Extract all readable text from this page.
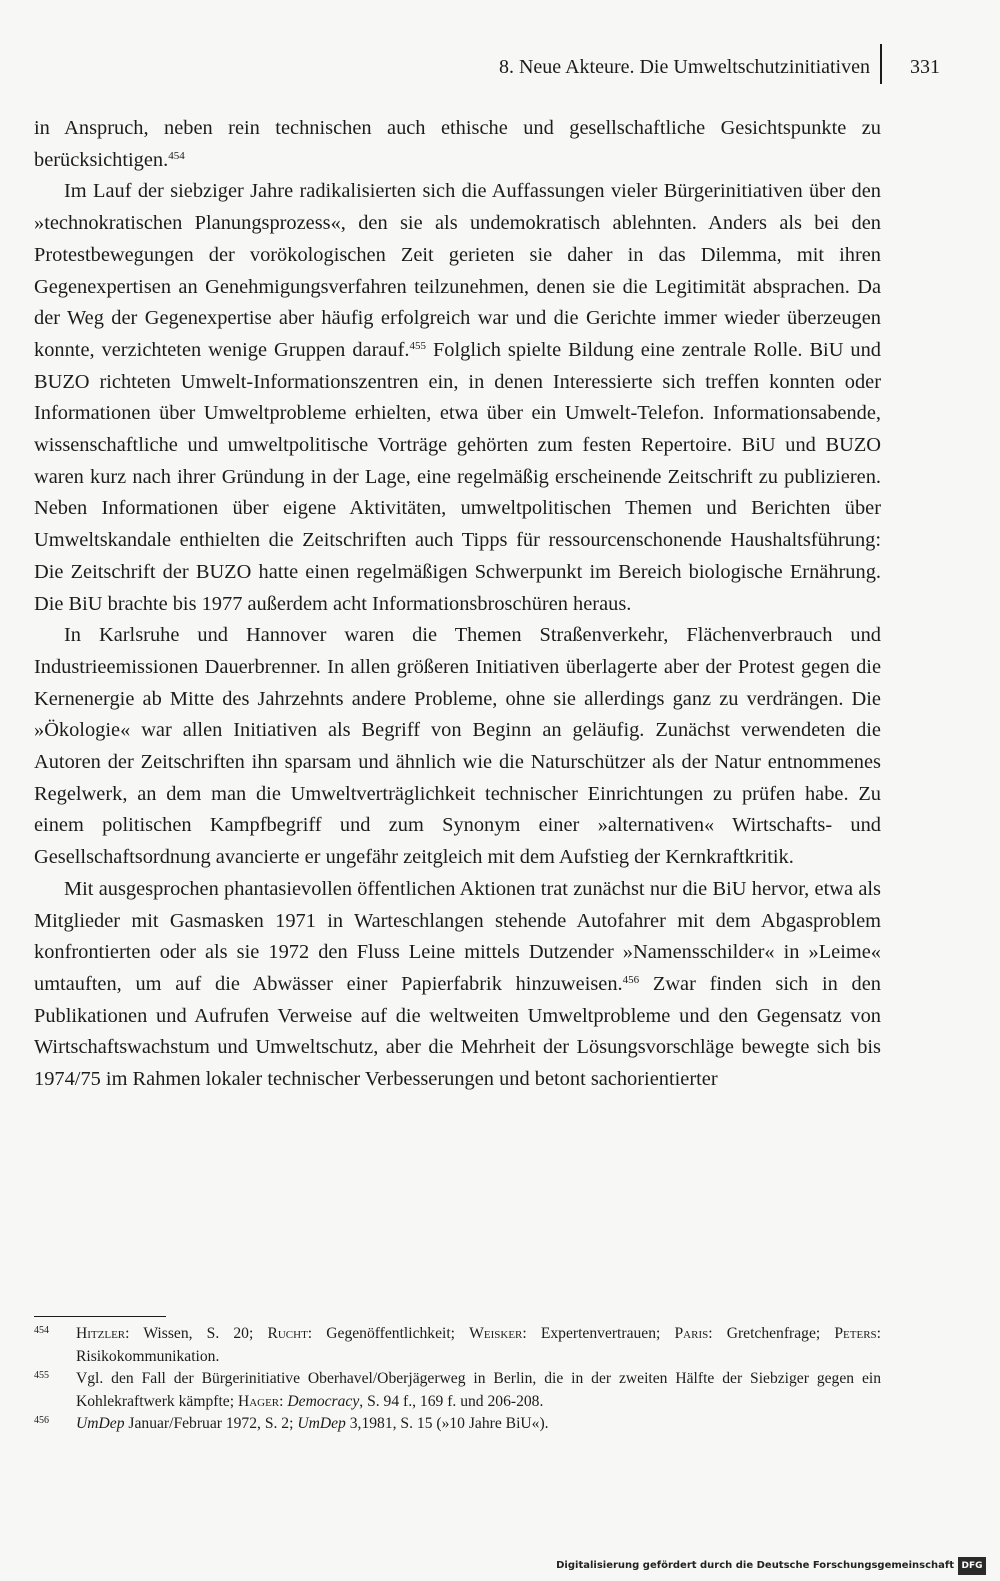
8. Neue Akteure. Die Umweltschutzinitiativen 331

in Anspruch, neben rein technischen auch ethische und gesellschaftliche Gesichtspunkte zu berücksichtigen.$^{454}$

Im Lauf der siebziger Jahre radikalisierten sich die Auffassungen vieler Bürgerinitiativen über den »technokratischen Planungsprozess«, den sie als undemokratisch ablehnten. Anders als bei den Protestbewegungen der vorökologischen Zeit gerieten sie daher in das Dilemma, mit ihren Gegenexpertisen an Genehmigungsverfahren teilzunehmen, denen sie die Legitimität absprachen. Da der Weg der Gegenexpertise aber häufig erfolgreich war und die Gerichte immer wieder überzeugen konnte, verzichteten wenige Gruppen darauf.$^{455}$ Folglich spielte Bildung eine zentrale Rolle. BiU und BUZO richteten Umwelt-Informationszentren ein, in denen Interessierte sich treffen konnten oder Informationen über Umweltprobleme erhielten, etwa über ein Umwelt-Telefon. Informationsabende, wissenschaftliche und umweltpolitische Vorträge gehörten zum festen Repertoire. BiU und BUZO waren kurz nach ihrer Gründung in der Lage, eine regelmäßig erscheinende Zeitschrift zu publizieren. Neben Informationen über eigene Aktivitäten, umweltpolitischen Themen und Berichten über Umweltskandale enthielten die Zeitschriften auch Tipps für ressourcenschonende Haushaltsführung: Die Zeitschrift der BUZO hatte einen regelmäßigen Schwerpunkt im Bereich biologische Ernährung. Die BiU brachte bis 1977 außerdem acht Informationsbroschüren heraus.

In Karlsruhe und Hannover waren die Themen Straßenverkehr, Flächenverbrauch und Industrieemissionen Dauerbrenner. In allen größeren Initiativen überlagerte aber der Protest gegen die Kernenergie ab Mitte des Jahrzehnts andere Probleme, ohne sie allerdings ganz zu verdrängen. Die »Ökologie« war allen Initiativen als Begriff von Beginn an geläufig. Zunächst verwendeten die Autoren der Zeitschriften ihn sparsam und ähnlich wie die Naturschützer als der Natur entnommenes Regelwerk, an dem man die Umweltverträglichkeit technischer Einrichtungen zu prüfen habe. Zu einem politischen Kampfbegriff und zum Synonym einer »alternativen« Wirtschafts- und Gesellschaftsordnung avancierte er ungefähr zeitgleich mit dem Aufstieg der Kernkraftkritik.

Mit ausgesprochen phantasievollen öffentlichen Aktionen trat zunächst nur die BiU hervor, etwa als Mitglieder mit Gasmasken 1971 in Warteschlangen stehende Autofahrer mit dem Abgasproblem konfrontierten oder als sie 1972 den Fluss Leine mittels Dutzender »Namensschilder« in »Leime« umtauften, um auf die Abwässer einer Papierfabrik hinzuweisen.$^{456}$ Zwar finden sich in den Publikationen und Aufrufen Verweise auf die weltweiten Umweltprobleme und den Gegensatz von Wirtschaftswachstum und Umweltschutz, aber die Mehrheit der Lösungsvorschläge bewegte sich bis 1974/75 im Rahmen lokaler technischer Verbesserungen und betont sachorientierter

454 Hitzler: Wissen, S. 20; Rucht: Gegenöffentlichkeit; Weisker: Expertenvertrauen; Paris: Gretchenfrage; Peters: Risikokommunikation.
455 Vgl. den Fall der Bürgerinitiative Oberhavel/Oberjägerweg in Berlin, die in der zweiten Hälfte der Siebziger gegen ein Kohlekraftwerk kämpfte; Hager: Democracy, S. 94 f., 169 f. und 206-208.
456 UmDep Januar/Februar 1972, S. 2; UmDep 3,1981, S. 15 (»10 Jahre BiU«).
Digitalisierung gefördert durch die Deutsche Forschungsgemeinschaft DFG
